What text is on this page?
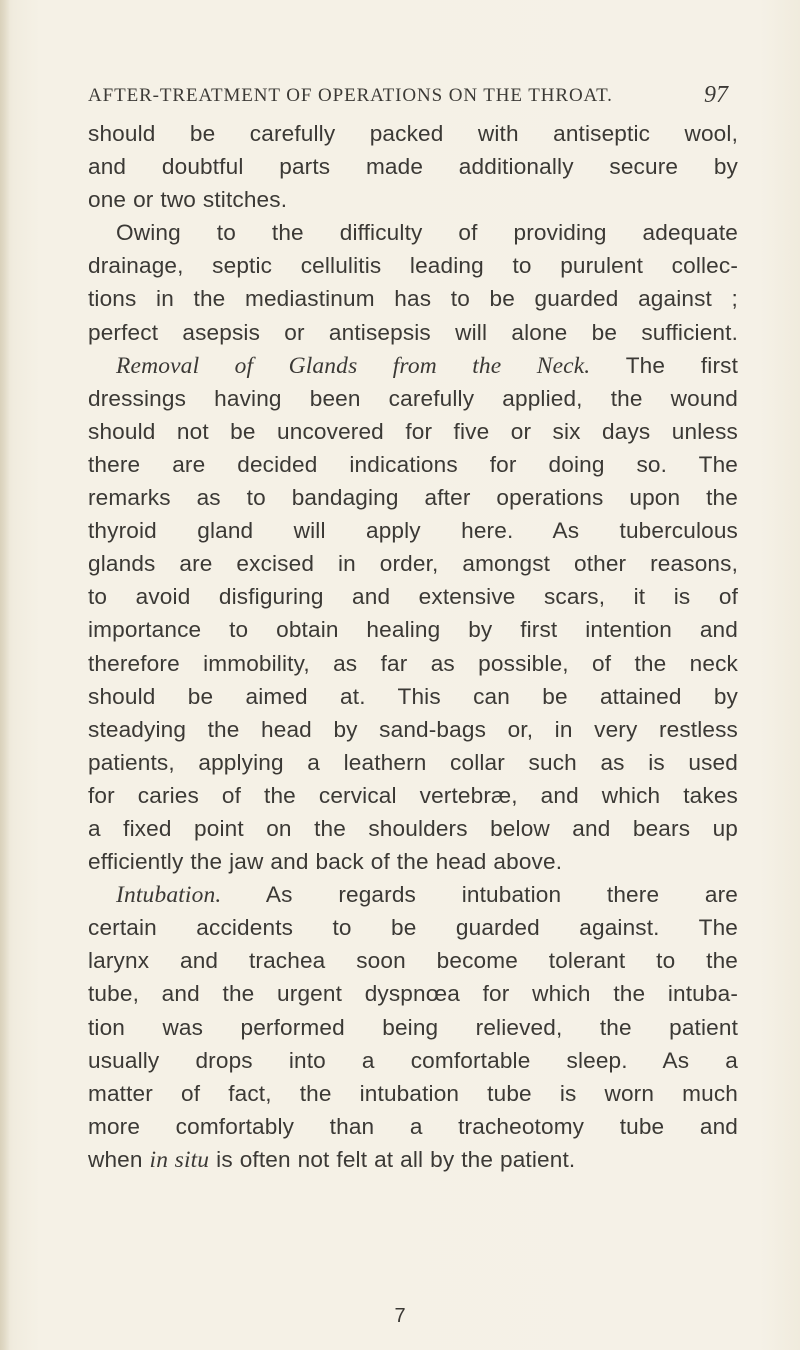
AFTER-TREATMENT OF OPERATIONS ON THE THROAT.	97
should be carefully packed with antiseptic wool,
and doubtful parts made additionally secure by
one or two stitches.
Owing to the difficulty of providing adequate
drainage, septic cellulitis leading to purulent collec-
tions in the mediastinum has to be guarded against ;
perfect asepsis or antisepsis will alone be sufficient.
Removal of Glands from the Neck. The first
dressings having been carefully applied, the wound
should not be uncovered for five or six days unless
there are decided indications for doing so. The
remarks as to bandaging after operations upon the
thyroid gland will apply here. As tuberculous
glands are excised in order, amongst other reasons,
to avoid disfiguring and extensive scars, it is of
importance to obtain healing by first intention and
therefore immobility, as far as possible, of the neck
should be aimed at. This can be attained by
steadying the head by sand-bags or, in very restless
patients, applying a leathern collar such as is used
for caries of the cervical vertebræ, and which takes
a fixed point on the shoulders below and bears up
efficiently the jaw and back of the head above.
Intubation. As regards intubation there are
certain accidents to be guarded against. The
larynx and trachea soon become tolerant to the
tube, and the urgent dyspnœa for which the intuba-
tion was performed being relieved, the patient
usually drops into a comfortable sleep. As a
matter of fact, the intubation tube is worn much
more comfortably than a tracheotomy tube and
when in situ is often not felt at all by the patient.
7
